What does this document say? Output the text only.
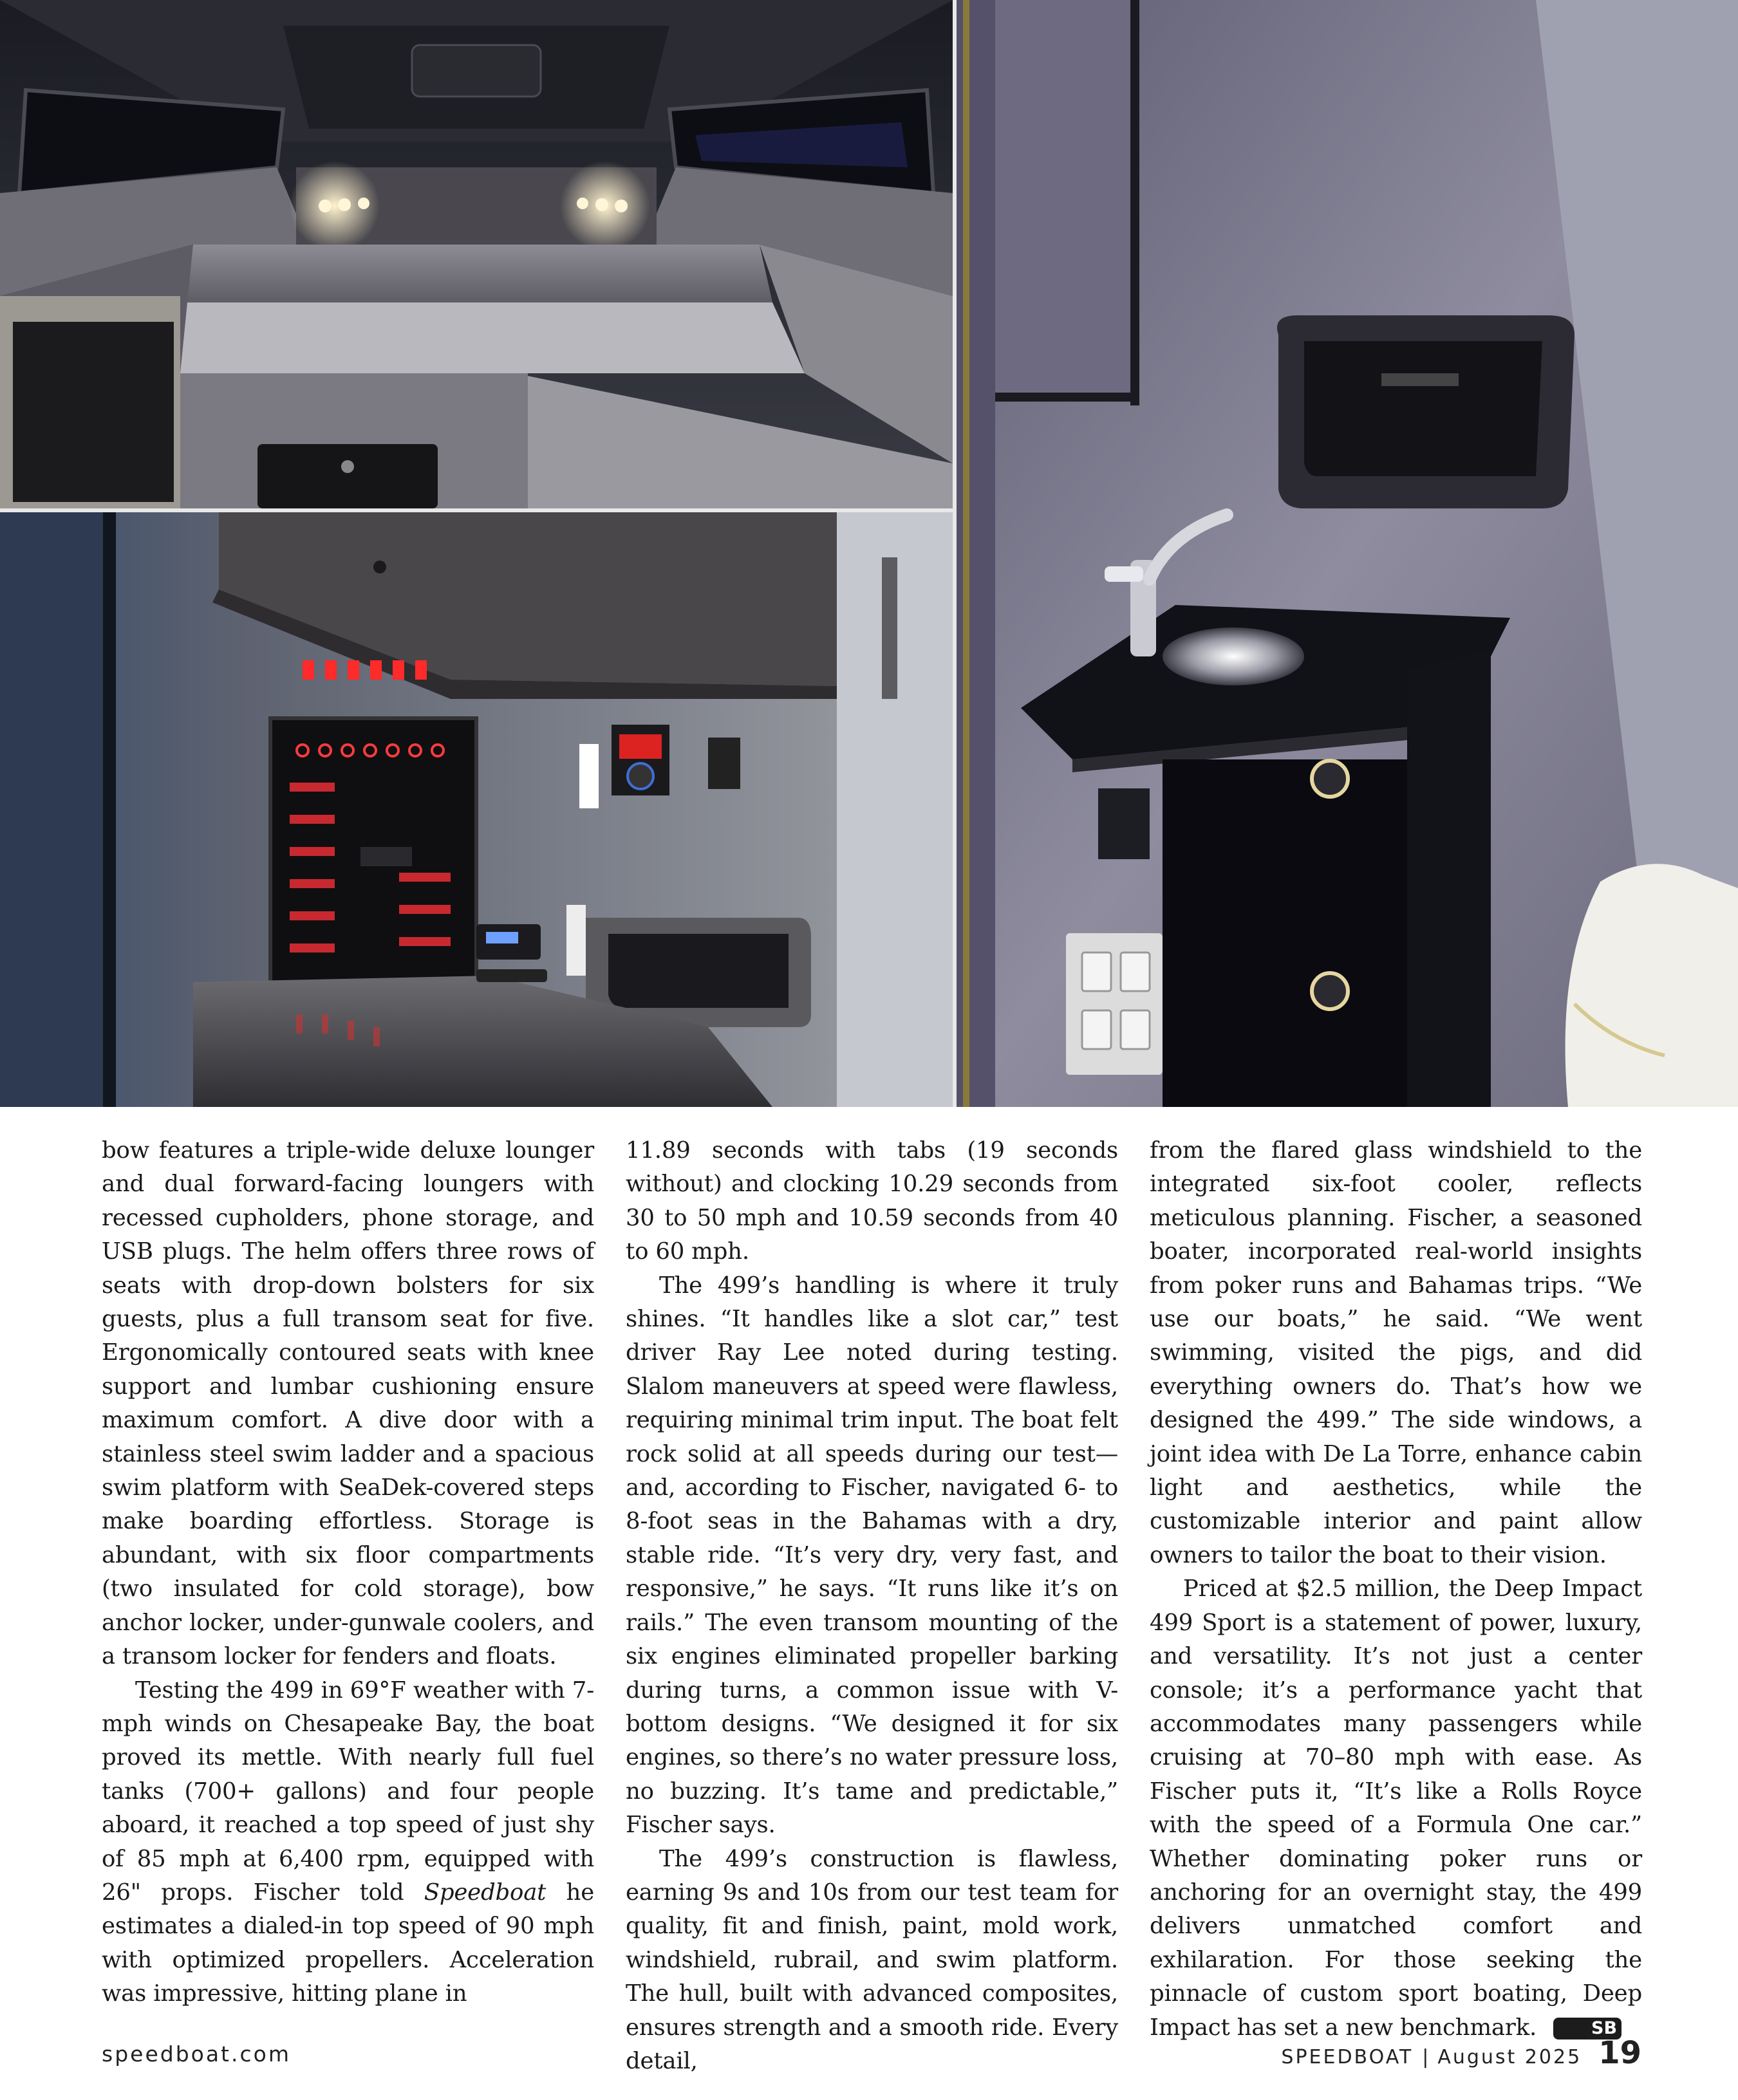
bow features a triple-wide deluxe lounger and dual forward-facing loungers with recessed cupholders, phone storage, and USB plugs. The helm offers three rows of seats with drop-down bolsters for six guests, plus a full transom seat for five. Ergonomically contoured seats with knee support and lumbar cushioning ensure maximum comfort. A dive door with a stainless steel swim ladder and a spacious swim platform with SeaDek-covered steps make boarding effortless. Storage is abundant, with six floor compartments (two insulated for cold storage), bow anchor locker, under-gunwale coolers, and a transom locker for fenders and floats.

Testing the 499 in 69°F weather with 7-mph winds on Chesapeake Bay, the boat proved its mettle. With nearly full fuel tanks (700+ gallons) and four people aboard, it reached a top speed of just shy of 85 mph at 6,400 rpm, equipped with 26" props. Fischer told Speedboat he estimates a dialed-in top speed of 90 mph with optimized propellers. Acceleration was impressive, hitting plane in

11.89 seconds with tabs (19 seconds without) and clocking 10.29 seconds from 30 to 50 mph and 10.59 seconds from 40 to 60 mph.

The 499’s handling is where it truly shines. “It handles like a slot car,” test driver Ray Lee noted during testing. Slalom maneuvers at speed were flawless, requiring minimal trim input. The boat felt rock solid at all speeds during our test—and, according to Fischer, navigated 6- to 8-foot seas in the Bahamas with a dry, stable ride. “It’s very dry, very fast, and responsive,” he says. “It runs like it’s on rails.” The even transom mounting of the six engines eliminated propeller barking during turns, a common issue with V-bottom designs. “We designed it for six engines, so there’s no water pressure loss, no buzzing. It’s tame and predictable,” Fischer says.

The 499’s construction is flawless, earning 9s and 10s from our test team for quality, fit and finish, paint, mold work, windshield, rubrail, and swim platform. The hull, built with advanced composites, ensures strength and a smooth ride. Every detail,

from the flared glass windshield to the integrated six-foot cooler, reflects meticulous planning. Fischer, a seasoned boater, incorporated real-world insights from poker runs and Bahamas trips. “We use our boats,” he said. “We went swimming, visited the pigs, and did everything owners do. That’s how we designed the 499.” The side windows, a joint idea with De La Torre, enhance cabin light and aesthetics, while the customizable interior and paint allow owners to tailor the boat to their vision.

Priced at $2.5 million, the Deep Impact 499 Sport is a statement of power, luxury, and versatility. It’s not just a center console; it’s a performance yacht that accommodates many passengers while cruising at 70–80 mph with ease. As Fischer puts it, “It’s like a Rolls Royce with the speed of a Formula One car.” Whether dominating poker runs or anchoring for an overnight stay, the 499 delivers unmatched comfort and exhilaration. For those seeking the pinnacle of custom sport boating, Deep Impact has set a new benchmark.	SB

speedboat.com	SPEEDBOAT | August 2025 19
